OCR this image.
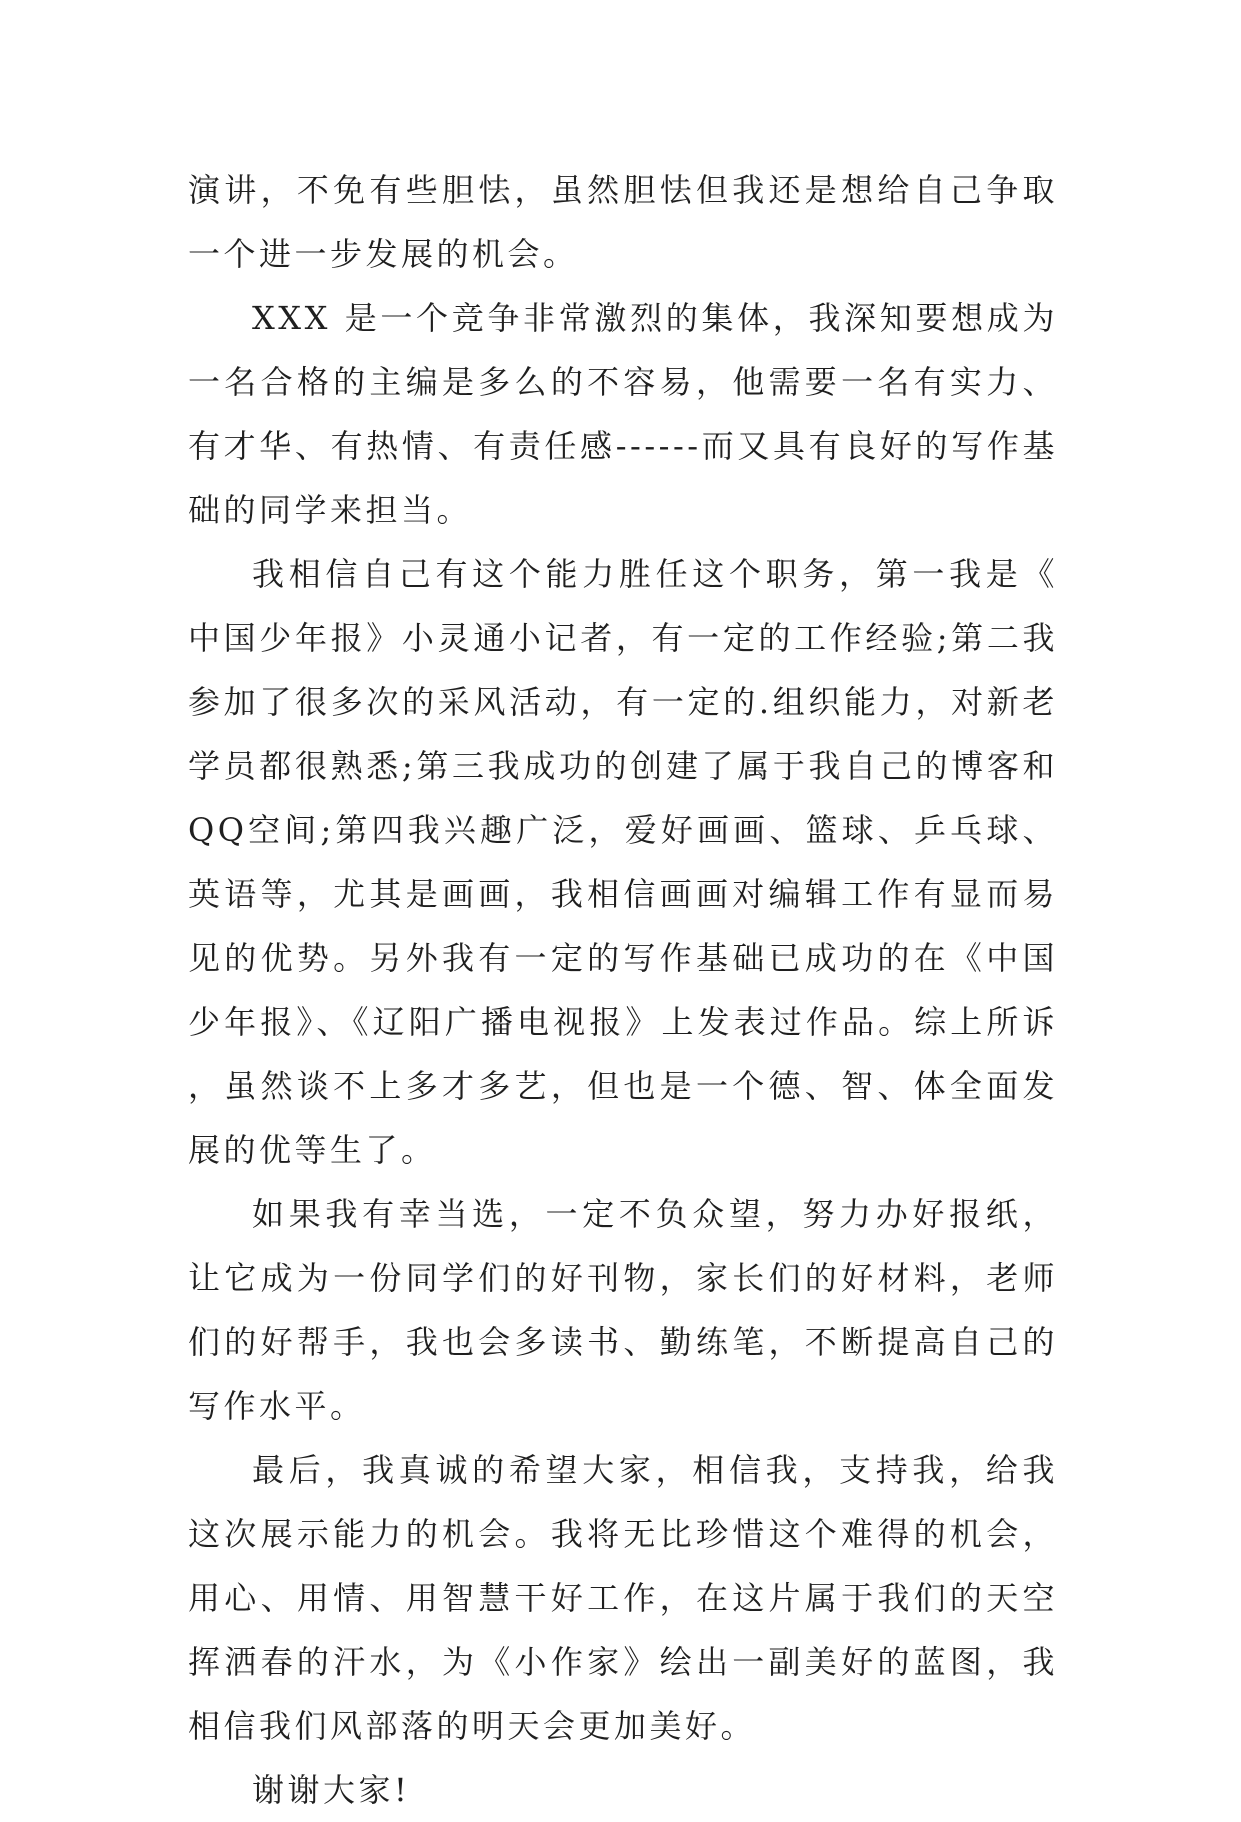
演讲，不免有些胆怯，虽然胆怯但我还是想给自己争取一个进一步发展的机会。

XXX 是一个竞争非常激烈的集体，我深知要想成为一名合格的主编是多么的不容易，他需要一名有实力、有才华、有热情、有责任感------而又具有良好的写作基础的同学来担当。

我相信自己有这个能力胜任这个职务，第一我是《中国少年报》小灵通小记者，有一定的工作经验;第二我参加了很多次的采风活动，有一定的.组织能力，对新老学员都很熟悉;第三我成功的创建了属于我自己的博客和QQ空间;第四我兴趣广泛，爱好画画、篮球、乒乓球、英语等，尤其是画画，我相信画画对编辑工作有显而易见的优势。另外我有一定的写作基础已成功的在《中国少年报》、《辽阳广播电视报》上发表过作品。综上所诉，虽然谈不上多才多艺，但也是一个德、智、体全面发展的优等生了。

如果我有幸当选，一定不负众望，努力办好报纸，让它成为一份同学们的好刊物，家长们的好材料，老师们的好帮手，我也会多读书、勤练笔，不断提高自己的写作水平。

最后，我真诚的希望大家，相信我，支持我，给我这次展示能力的机会。我将无比珍惜这个难得的机会，用心、用情、用智慧干好工作，在这片属于我们的天空挥洒春的汗水，为《小作家》绘出一副美好的蓝图，我相信我们风部落的明天会更加美好。

谢谢大家!
